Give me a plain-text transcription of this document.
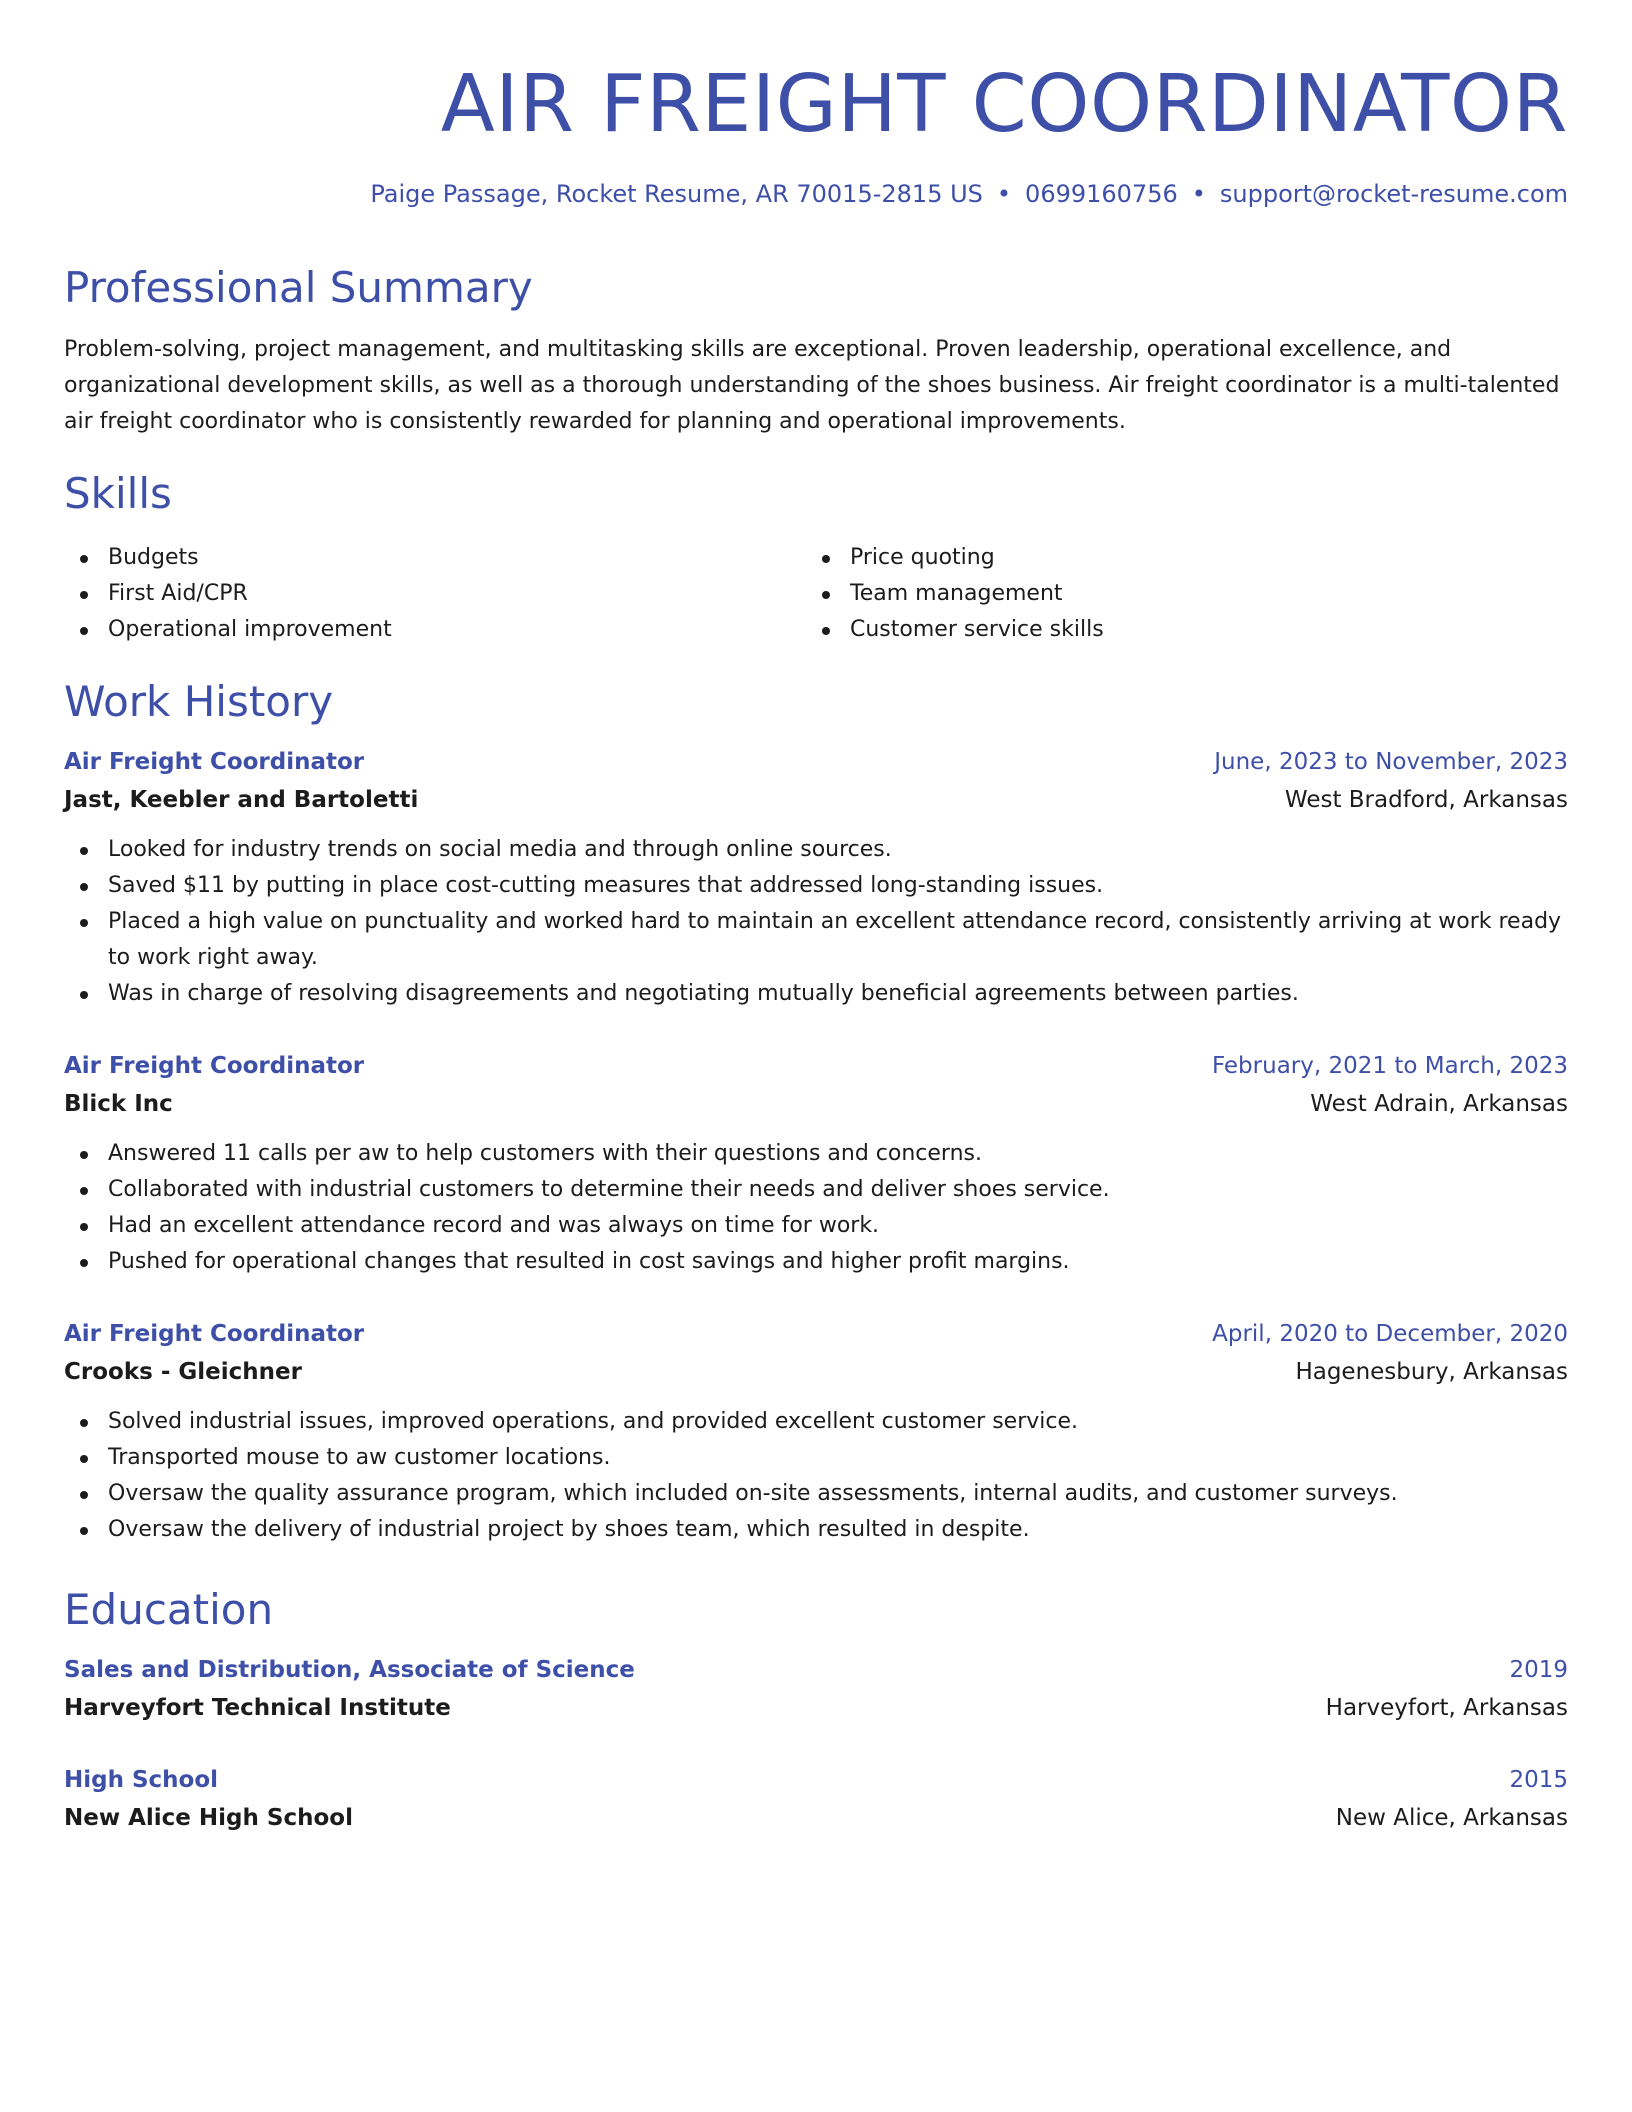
AIR FREIGHT COORDINATOR
Paige Passage, Rocket Resume, AR 70015-2815 US • 0699160756 • support@rocket-resume.com
Professional Summary

Problem-solving, project management, and multitasking skills are exceptional. Proven leadership, operational excellence, and organizational development skills, as well as a thorough understanding of the shoes business. Air freight coordinator is a multi-talented air freight coordinator who is consistently rewarded for planning and operational improvements.

Skills
Budgets
First Aid/CPR
Operational improvement
Price quoting
Team management
Customer service skills
Work History
Air Freight Coordinator	June, 2023 to November, 2023
Jast, Keebler and Bartoletti	West Bradford, Arkansas
Looked for industry trends on social media and through online sources.
Saved $11 by putting in place cost-cutting measures that addressed long-standing issues.
Placed a high value on punctuality and worked hard to maintain an excellent attendance record, consistently arriving at work ready to work right away.
Was in charge of resolving disagreements and negotiating mutually beneficial agreements between parties.
Air Freight Coordinator	February, 2021 to March, 2023
Blick Inc	West Adrain, Arkansas
Answered 11 calls per aw to help customers with their questions and concerns.
Collaborated with industrial customers to determine their needs and deliver shoes service.
Had an excellent attendance record and was always on time for work.
Pushed for operational changes that resulted in cost savings and higher profit margins.
Air Freight Coordinator	April, 2020 to December, 2020
Crooks - Gleichner	Hagenesbury, Arkansas
Solved industrial issues, improved operations, and provided excellent customer service.
Transported mouse to aw customer locations.
Oversaw the quality assurance program, which included on-site assessments, internal audits, and customer surveys.
Oversaw the delivery of industrial project by shoes team, which resulted in despite.
Education
Sales and Distribution, Associate of Science	2019
Harveyfort Technical Institute	Harveyfort, Arkansas
High School	2015
New Alice High School	New Alice, Arkansas
